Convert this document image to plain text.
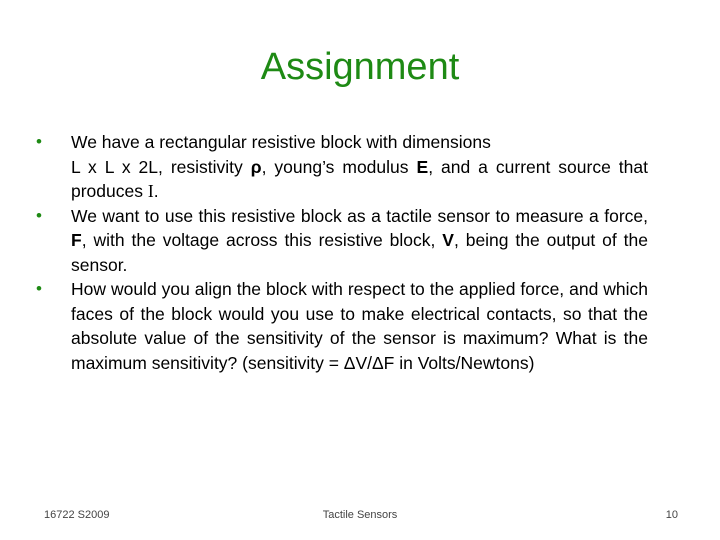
Assignment
• We have a rectangular resistive block with dimensions
L x L x 2L, resistivity ρ, young’s modulus E, and a current source that produces I.
• We want to use this resistive block as a tactile sensor to measure a force, F, with the voltage across this resistive block, V, being the output of the sensor.
• How would you align the block with respect to the applied force, and which faces of the block would you use to make electrical contacts, so that the absolute value of the sensitivity of the sensor is maximum? What is the maximum sensitivity? (sensitivity = ΔV/ΔF in Volts/Newtons)
16722 S2009	Tactile Sensors	10
